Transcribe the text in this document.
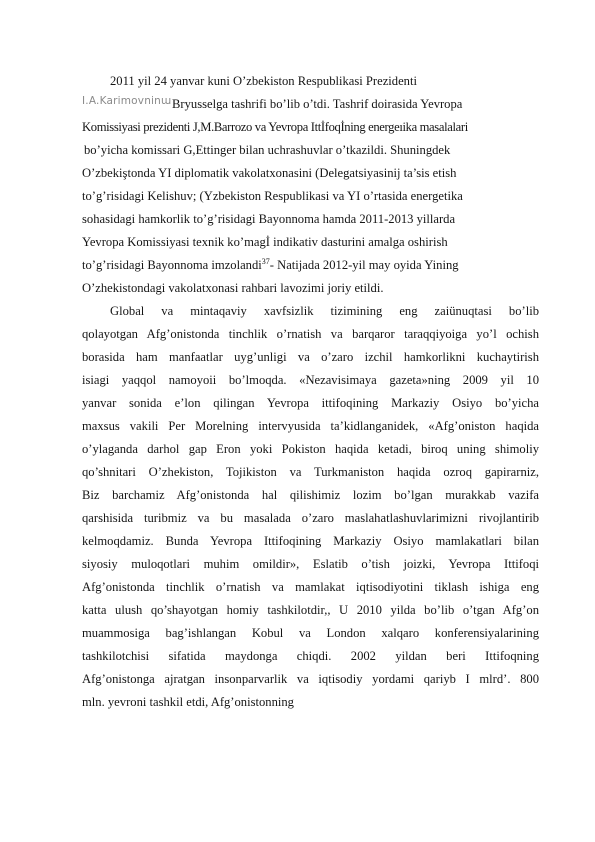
2011 yil 24 yanvar kuni O’zbekiston Respublikasi Prezidenti
I.A.Karimovոinա Bryusselga tashrifi bo’lib o’tdi. Tashrif doirasida Yevropa
Komissiyasi prezidenti J,M.Barrozo va Yevropa Ittİfoqİning energeıika masalalari
bo’yicha komissari G,Ettinger bilan uchrashuvlar o’tkazildi. Shuningdek
O’zbekiştonda YI diplomatik vakolatxonasini (Delegatsiyasinij ta’sis etish
to’g’risidagi Kelishuv; (Yzbekiston Respublikasi va YI o’rtasida energetika
sohasidagi hamkorlik to’g’risidagi Bayonnoma hamda 2011-2013 yillarda
Yevropa Komissiyasi texnik ko’magİ indikativ dasturini amalga oshirish
to’g’risidagi Bayonnoma imzolandi$^{37}$- Natijada 2012-yil may oyida Yining
O’zhekistondagi vakolatxonasi rahbari lavozimi joriy etildi.
Global va mintaqaviy xavfsizlik tizimining eng zaiünuqtasi bo’lib
qolayotgan Afg’onistonda tinchlik o’rnatish va barqaror taraqqiyoiga yo’l ochish
borasida ham manfaatlar uyg’unligi va o’zaro izchil hamkorlikni kuchaytirish
isiagi yaqqol namoyoii bo’lmoqda. «Nezavisimaya gazeta»ning 2009 yil 10
yanvar sonida e’lon qilingan Yevropa ittifoqining Markaziy Osiyo bo’yicha
maxsus vakili Per Morelning intervyusida ta’kidlanganidek, «Afg’oniston haqida
o’ylaganda darhol gap Eron yoki Pokiston haqida ketadi, biroq uning shimoliy
qo’shnitari O’zhekiston, Tojikiston va Turkmaniston haqida ozroq gapirarniz,
Biz barchamiz Afg’onistonda hal qilishimiz lozim bo’lgan murakkab vazifa
qarshisida turibmiz va bu masalada o’zaro maslahatlashuvlarimizni rivojlantirib
kelmoqdamiz. Bunda Yevropa Ittifoqining Markaziy Osiyo mamlakatlari bilan
siyosiy muloqotlari muhim omildir», Eslatib o’tish joizki, Yevropa Ittifoqi
Afg’onistonda tinchlik o’rnatish va mamlakat iqtisodiyotini tiklash ishiga eng
katta ulush qo’shayotgan homiy tashkilotdir,, U 2010 yilda bo’lib o’tgan Afg’on
muammosiga bag’ishlangan Kobul va London xalqaro konferensiyalarining
tashkilotchisi sifatida maydonga chiqdi. 2002 yildan beri Ittifoqning
Afg’onistonga ajratgan insonparvarlik va iqtisodiy yordami qariyb I mlrd’. 800
mln. yevroni tashkil etdi, Afg’onistonning
